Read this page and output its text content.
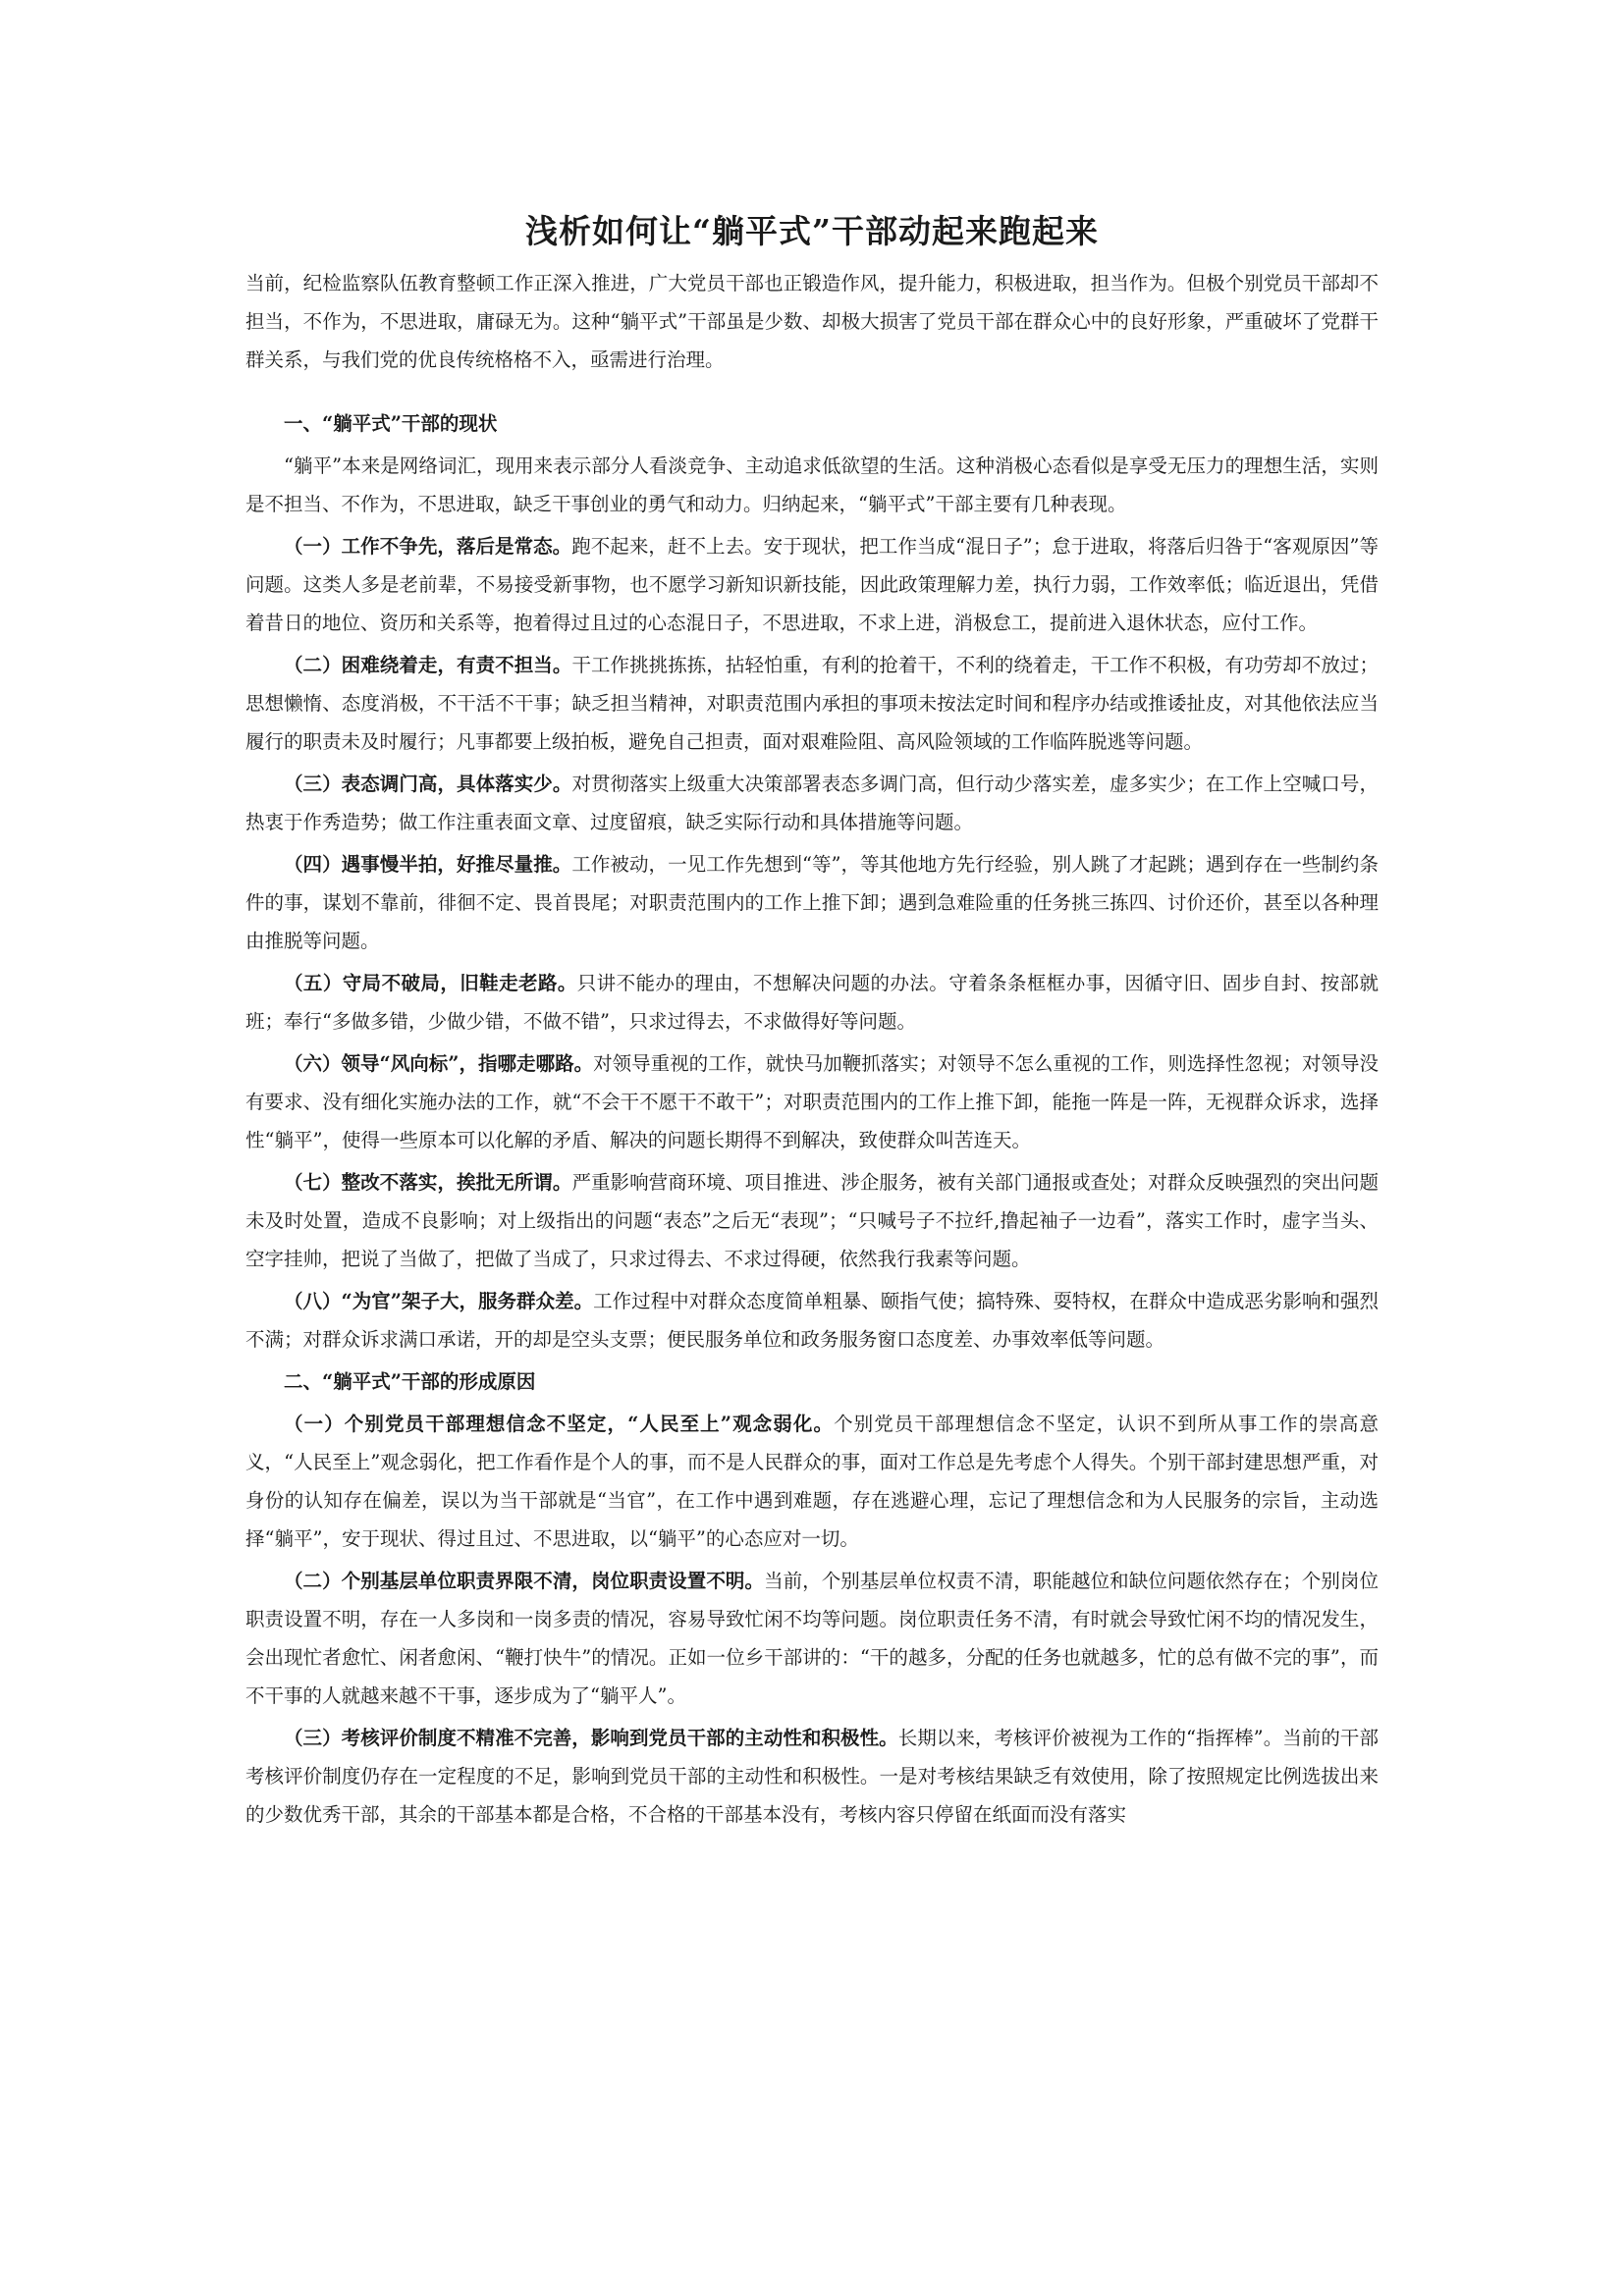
浅析如何让“躺平式”干部动起来跑起来

当前，纪检监察队伍教育整顿工作正深入推进，广大党员干部也正锻造作风，提升能力，积极进取，担当作为。但极个别党员干部却不担当，不作为，不思进取，庸碌无为。这种“躺平式”干部虽是少数、却极大损害了党员干部在群众心中的良好形象，严重破坏了党群干群关系，与我们党的优良传统格格不入，亟需进行治理。

一、“躺平式”干部的现状

“躺平”本来是网络词汇，现用来表示部分人看淡竞争、主动追求低欲望的生活。这种消极心态看似是享受无压力的理想生活，实则是不担当、不作为，不思进取，缺乏干事创业的勇气和动力。归纳起来，“躺平式”干部主要有几种表现。

（一）工作不争先，落后是常态。跑不起来，赶不上去。安于现状，把工作当成“混日子”；怠于进取，将落后归咎于“客观原因”等问题。这类人多是老前辈，不易接受新事物，也不愿学习新知识新技能，因此政策理解力差，执行力弱，工作效率低；临近退出，凭借着昔日的地位、资历和关系等，抱着得过且过的心态混日子，不思进取，不求上进，消极怠工，提前进入退休状态，应付工作。

（二）困难绕着走，有责不担当。干工作挑挑拣拣，拈轻怕重，有利的抢着干，不利的绕着走，干工作不积极，有功劳却不放过；思想懒惰、态度消极，不干活不干事；缺乏担当精神，对职责范围内承担的事项未按法定时间和程序办结或推诿扯皮，对其他依法应当履行的职责未及时履行；凡事都要上级拍板，避免自己担责，面对艰难险阻、高风险领域的工作临阵脱逃等问题。

（三）表态调门高，具体落实少。对贯彻落实上级重大决策部署表态多调门高，但行动少落实差，虚多实少；在工作上空喊口号，热衷于作秀造势；做工作注重表面文章、过度留痕，缺乏实际行动和具体措施等问题。

（四）遇事慢半拍，好推尽量推。工作被动，一见工作先想到“等”，等其他地方先行经验，别人跳了才起跳；遇到存在一些制约条件的事，谋划不靠前，徘徊不定、畏首畏尾；对职责范围内的工作上推下卸；遇到急难险重的任务挑三拣四、讨价还价，甚至以各种理由推脱等问题。

（五）守局不破局，旧鞋走老路。只讲不能办的理由，不想解决问题的办法。守着条条框框办事，因循守旧、固步自封、按部就班；奉行“多做多错，少做少错，不做不错”，只求过得去，不求做得好等问题。

（六）领导“风向标”，指哪走哪路。对领导重视的工作，就快马加鞭抓落实；对领导不怎么重视的工作，则选择性忽视；对领导没有要求、没有细化实施办法的工作，就“不会干不愿干不敢干”；对职责范围内的工作上推下卸，能拖一阵是一阵，无视群众诉求，选择性“躺平”，使得一些原本可以化解的矛盾、解决的问题长期得不到解决，致使群众叫苦连天。

（七）整改不落实，挨批无所谓。严重影响营商环境、项目推进、涉企服务，被有关部门通报或查处；对群众反映强烈的突出问题未及时处置，造成不良影响；对上级指出的问题“表态”之后无“表现”；“只喊号子不拉纤,撸起袖子一边看”，落实工作时，虚字当头、空字挂帅，把说了当做了，把做了当成了，只求过得去、不求过得硬，依然我行我素等问题。

（八）“为官”架子大，服务群众差。工作过程中对群众态度简单粗暴、颐指气使；搞特殊、耍特权，在群众中造成恶劣影响和强烈不满；对群众诉求满口承诺，开的却是空头支票；便民服务单位和政务服务窗口态度差、办事效率低等问题。

二、“躺平式”干部的形成原因

（一）个别党员干部理想信念不坚定，“人民至上”观念弱化。个别党员干部理想信念不坚定，认识不到所从事工作的崇高意义，“人民至上”观念弱化，把工作看作是个人的事，而不是人民群众的事，面对工作总是先考虑个人得失。个别干部封建思想严重，对身份的认知存在偏差，误以为当干部就是“当官”，在工作中遇到难题，存在逃避心理，忘记了理想信念和为人民服务的宗旨，主动选择“躺平”，安于现状、得过且过、不思进取，以“躺平”的心态应对一切。

（二）个别基层单位职责界限不清，岗位职责设置不明。当前，个别基层单位权责不清，职能越位和缺位问题依然存在；个别岗位职责设置不明，存在一人多岗和一岗多责的情况，容易导致忙闲不均等问题。岗位职责任务不清，有时就会导致忙闲不均的情况发生，会出现忙者愈忙、闲者愈闲、“鞭打快牛”的情况。正如一位乡干部讲的：“干的越多，分配的任务也就越多，忙的总有做不完的事”，而不干事的人就越来越不干事，逐步成为了“躺平人”。

（三）考核评价制度不精准不完善，影响到党员干部的主动性和积极性。长期以来，考核评价被视为工作的“指挥棒”。当前的干部考核评价制度仍存在一定程度的不足，影响到党员干部的主动性和积极性。一是对考核结果缺乏有效使用，除了按照规定比例选拔出来的少数优秀干部，其余的干部基本都是合格，不合格的干部基本没有，考核内容只停留在纸面而没有落实
